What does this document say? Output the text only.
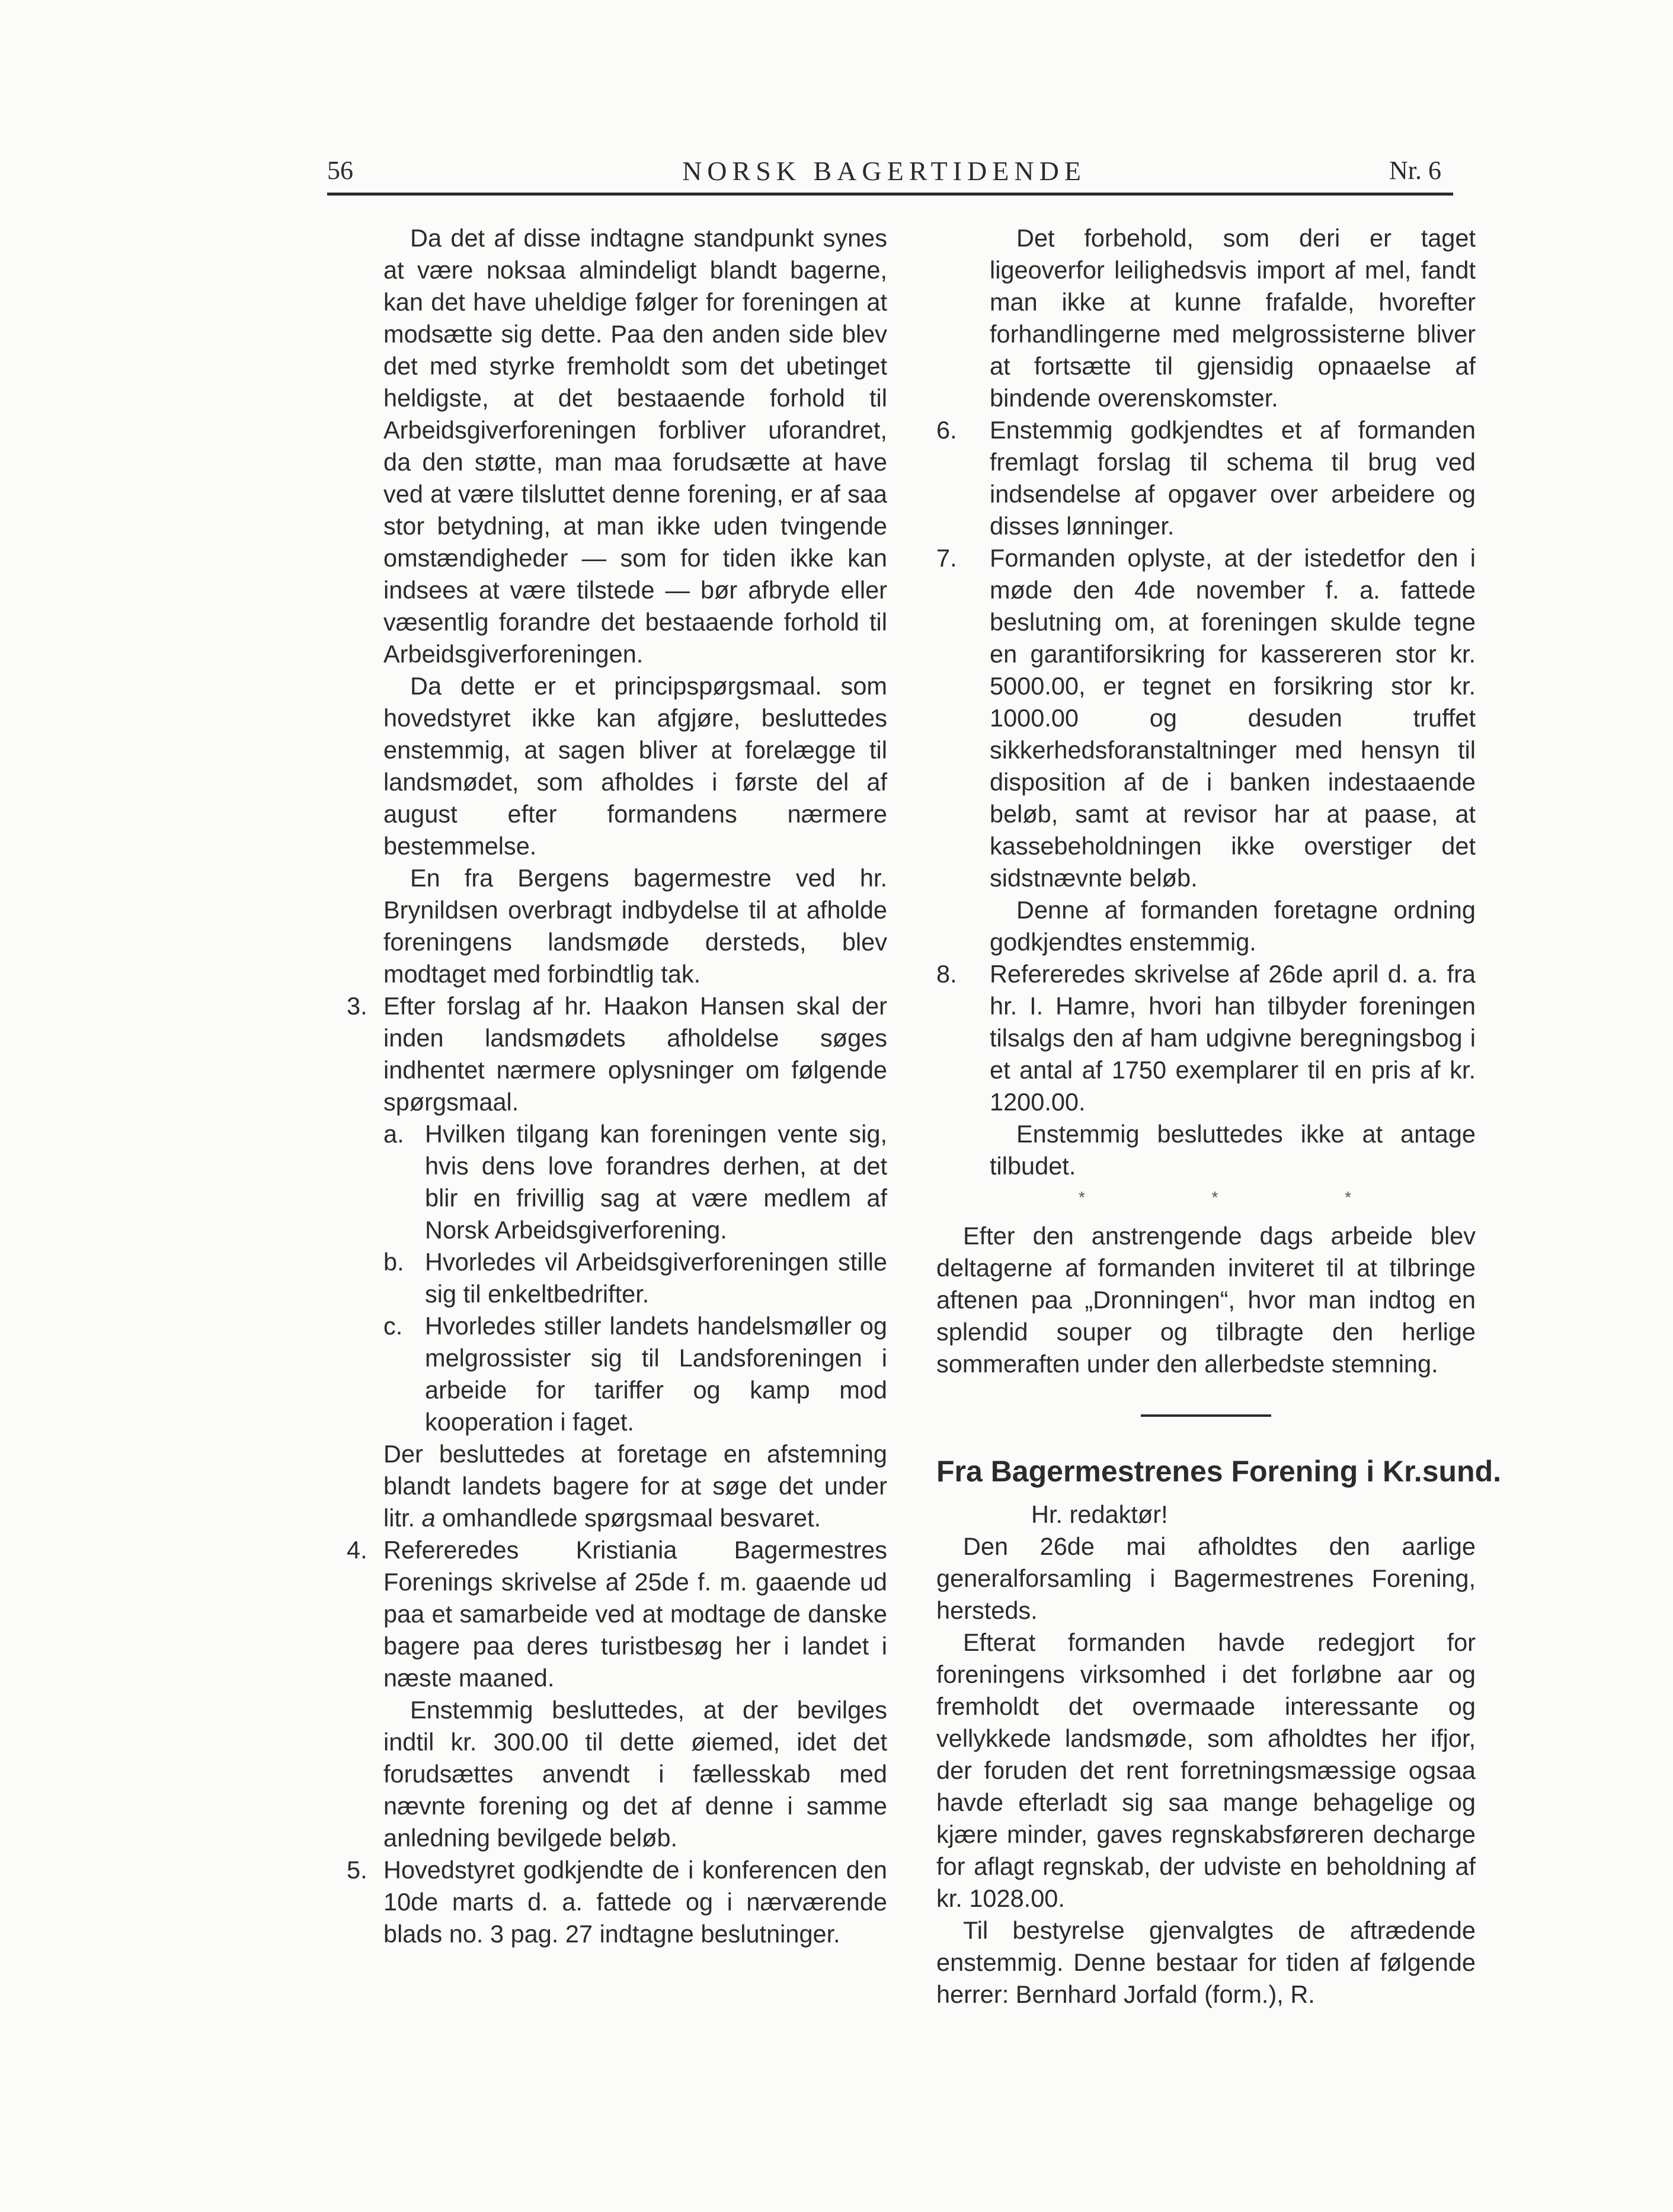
56	NORSK BAGERTIDENDE	Nr. 6

Da det af disse indtagne standpunkt synes at være noksaa almindeligt blandt bagerne, kan det have uheldige følger for foreningen at modsætte sig dette. Paa den anden side blev det med styrke fremholdt som det ubetinget heldigste, at det bestaaende forhold til Arbeidsgiverforeningen forbliver uforandret, da den støtte, man maa forudsætte at have ved at være tilsluttet denne forening, er af saa stor betydning, at man ikke uden tvingende omstændigheder — som for tiden ikke kan indsees at være tilstede — bør afbryde eller væsentlig forandre det bestaaende forhold til Arbeidsgiverforeningen.

Da dette er et principspørgsmaal. som hovedstyret ikke kan afgjøre, besluttedes enstemmig, at sagen bliver at forelægge til landsmødet, som afholdes i første del af august efter formandens nærmere bestemmelse.

En fra Bergens bagermestre ved hr. Brynildsen overbragt indbydelse til at afholde foreningens landsmøde dersteds, blev modtaget med forbindtlig tak.

3. Efter forslag af hr. Haakon Hansen skal der inden landsmødets afholdelse søges indhentet nærmere oplysninger om følgende spørgsmaal.

a. Hvilken tilgang kan foreningen vente sig, hvis dens love forandres derhen, at det blir en frivillig sag at være medlem af Norsk Arbeidsgiverforening.

b. Hvorledes vil Arbeidsgiverforeningen stille sig til enkeltbedrifter.

c. Hvorledes stiller landets handelsmøller og melgrossister sig til Landsforeningen i arbeide for tariffer og kamp mod kooperation i faget.

Der besluttedes at foretage en afstemning blandt landets bagere for at søge det under litr. a omhandlede spørgsmaal besvaret.

4. Refereredes Kristiania Bagermestres Forenings skrivelse af 25de f. m. gaaende ud paa et samarbeide ved at modtage de danske bagere paa deres turistbesøg her i landet i næste maaned.

Enstemmig besluttedes, at der bevilges indtil kr. 300.00 til dette øiemed, idet det forudsættes anvendt i fællesskab med nævnte forening og det af denne i samme anledning bevilgede beløb.

5. Hovedstyret godkjendte de i konferencen den 10de marts d. a. fattede og i nærværende blads no. 3 pag. 27 indtagne beslutninger.

Det forbehold, som deri er taget ligeoverfor leilighedsvis import af mel, fandt man ikke at kunne frafalde, hvorefter forhandlingerne med melgrossisterne bliver at fortsætte til gjensidig opnaaelse af bindende overenskomster.

6. Enstemmig godkjendtes et af formanden fremlagt forslag til schema til brug ved indsendelse af opgaver over arbeidere og disses lønninger.

7. Formanden oplyste, at der istedetfor den i møde den 4de november f. a. fattede beslutning om, at foreningen skulde tegne en garantiforsikring for kassereren stor kr. 5000.00, er tegnet en forsikring stor kr. 1000.00 og desuden truffet sikkerhedsforanstaltninger med hensyn til disposition af de i banken indestaaende beløb, samt at revisor har at paase, at kassebeholdningen ikke overstiger det sidstnævnte beløb.

Denne af formanden foretagne ordning godkjendtes enstemmig.

8. Refereredes skrivelse af 26de april d. a. fra hr. I. Hamre, hvori han tilbyder foreningen tilsalgs den af ham udgivne beregningsbog i et antal af 1750 exemplarer til en pris af kr. 1200.00.

Enstemmig besluttedes ikke at antage tilbudet.

*	*	*

Efter den anstrengende dags arbeide blev deltagerne af formanden inviteret til at tilbringe aftenen paa „Dronningen“, hvor man indtog en splendid souper og tilbragte den herlige sommeraften under den allerbedste stemning.

Fra Bagermestrenes Forening i Kr.sund.

Hr. redaktør!

Den 26de mai afholdtes den aarlige generalforsamling i Bagermestrenes Forening, hersteds.

Efterat formanden havde redegjort for foreningens virksomhed i det forløbne aar og fremholdt det overmaade interessante og vellykkede landsmøde, som afholdtes her ifjor, der foruden det rent forretningsmæssige ogsaa havde efterladt sig saa mange behagelige og kjære minder, gaves regnskabsføreren decharge for aflagt regnskab, der udviste en beholdning af kr. 1028.00.

Til bestyrelse gjenvalgtes de aftrædende enstemmig. Denne bestaar for tiden af følgende herrer: Bernhard Jorfald (form.), R.
